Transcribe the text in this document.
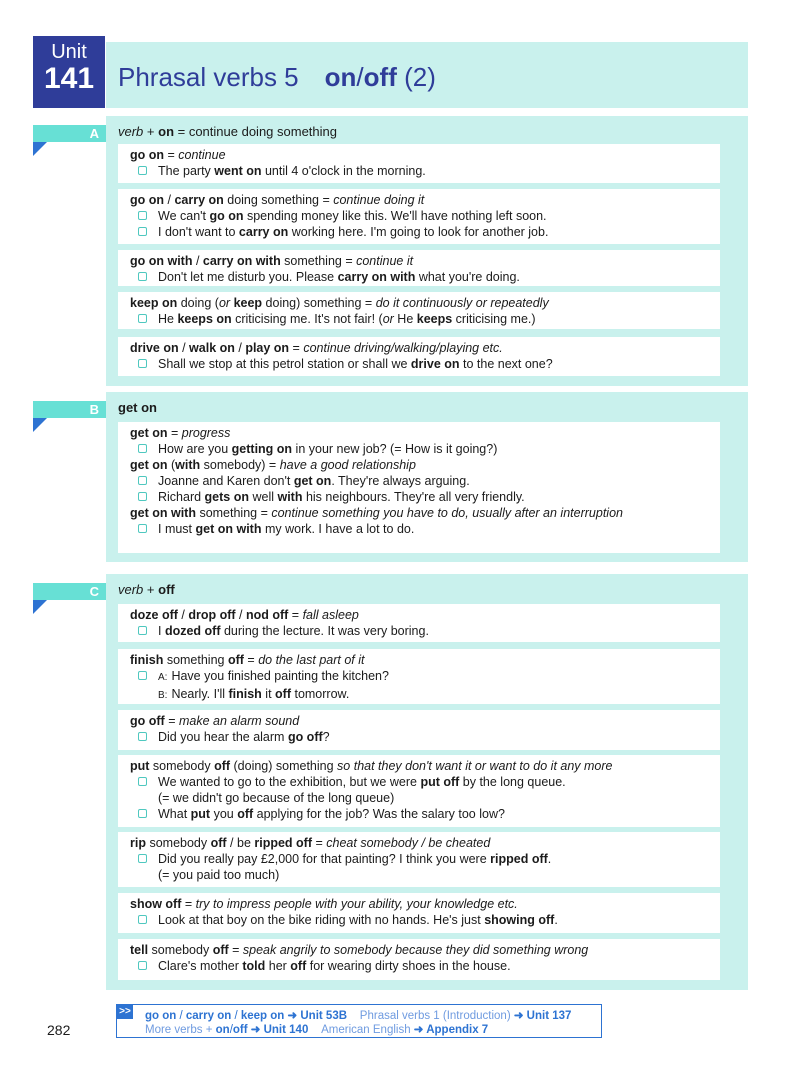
Unit
141 Phrasal verbs 5 on/off (2)
A	verb + on = continue doing something
go on = continue
The party went on until 4 o'clock in the morning.
go on / carry on doing something = continue doing it
We can't go on spending money like this. We'll have nothing left soon.
I don't want to carry on working here. I'm going to look for another job.
go on with / carry on with something = continue it
Don't let me disturb you. Please carry on with what you're doing.
keep on doing (or keep doing) something = do it continuously or repeatedly
He keeps on criticising me. It's not fair! (or He keeps criticising me.)
drive on / walk on / play on = continue driving/walking/playing etc.
Shall we stop at this petrol station or shall we drive on to the next one?
B	get on
get on = progress
How are you getting on in your new job? (= How is it going?)
get on (with somebody) = have a good relationship
Joanne and Karen don't get on. They're always arguing.
Richard gets on well with his neighbours. They're all very friendly.
get on with something = continue something you have to do, usually after an interruption
I must get on with my work. I have a lot to do.
C	verb + off
doze off / drop off / nod off = fall asleep
I dozed off during the lecture. It was very boring.
finish something off = do the last part of it
A: Have you finished painting the kitchen?
B: Nearly. I'll finish it off tomorrow.
go off = make an alarm sound
Did you hear the alarm go off?
put somebody off (doing) something so that they don't want it or want to do it any more
We wanted to go to the exhibition, but we were put off by the long queue.
(= we didn't go because of the long queue)
What put you off applying for the job? Was the salary too low?
rip somebody off / be ripped off = cheat somebody / be cheated
Did you really pay £2,000 for that painting? I think you were ripped off.
(= you paid too much)
show off = try to impress people with your ability, your knowledge etc.
Look at that boy on the bike riding with no hands. He's just showing off.
tell somebody off = speak angrily to somebody because they did something wrong
Clare's mother told her off for wearing dirty shoes in the house.
>> go on / carry on / keep on ➜ Unit 53B Phrasal verbs 1 (Introduction) ➜ Unit 137
More verbs + on/off ➜ Unit 140 American English ➜ Appendix 7
282
